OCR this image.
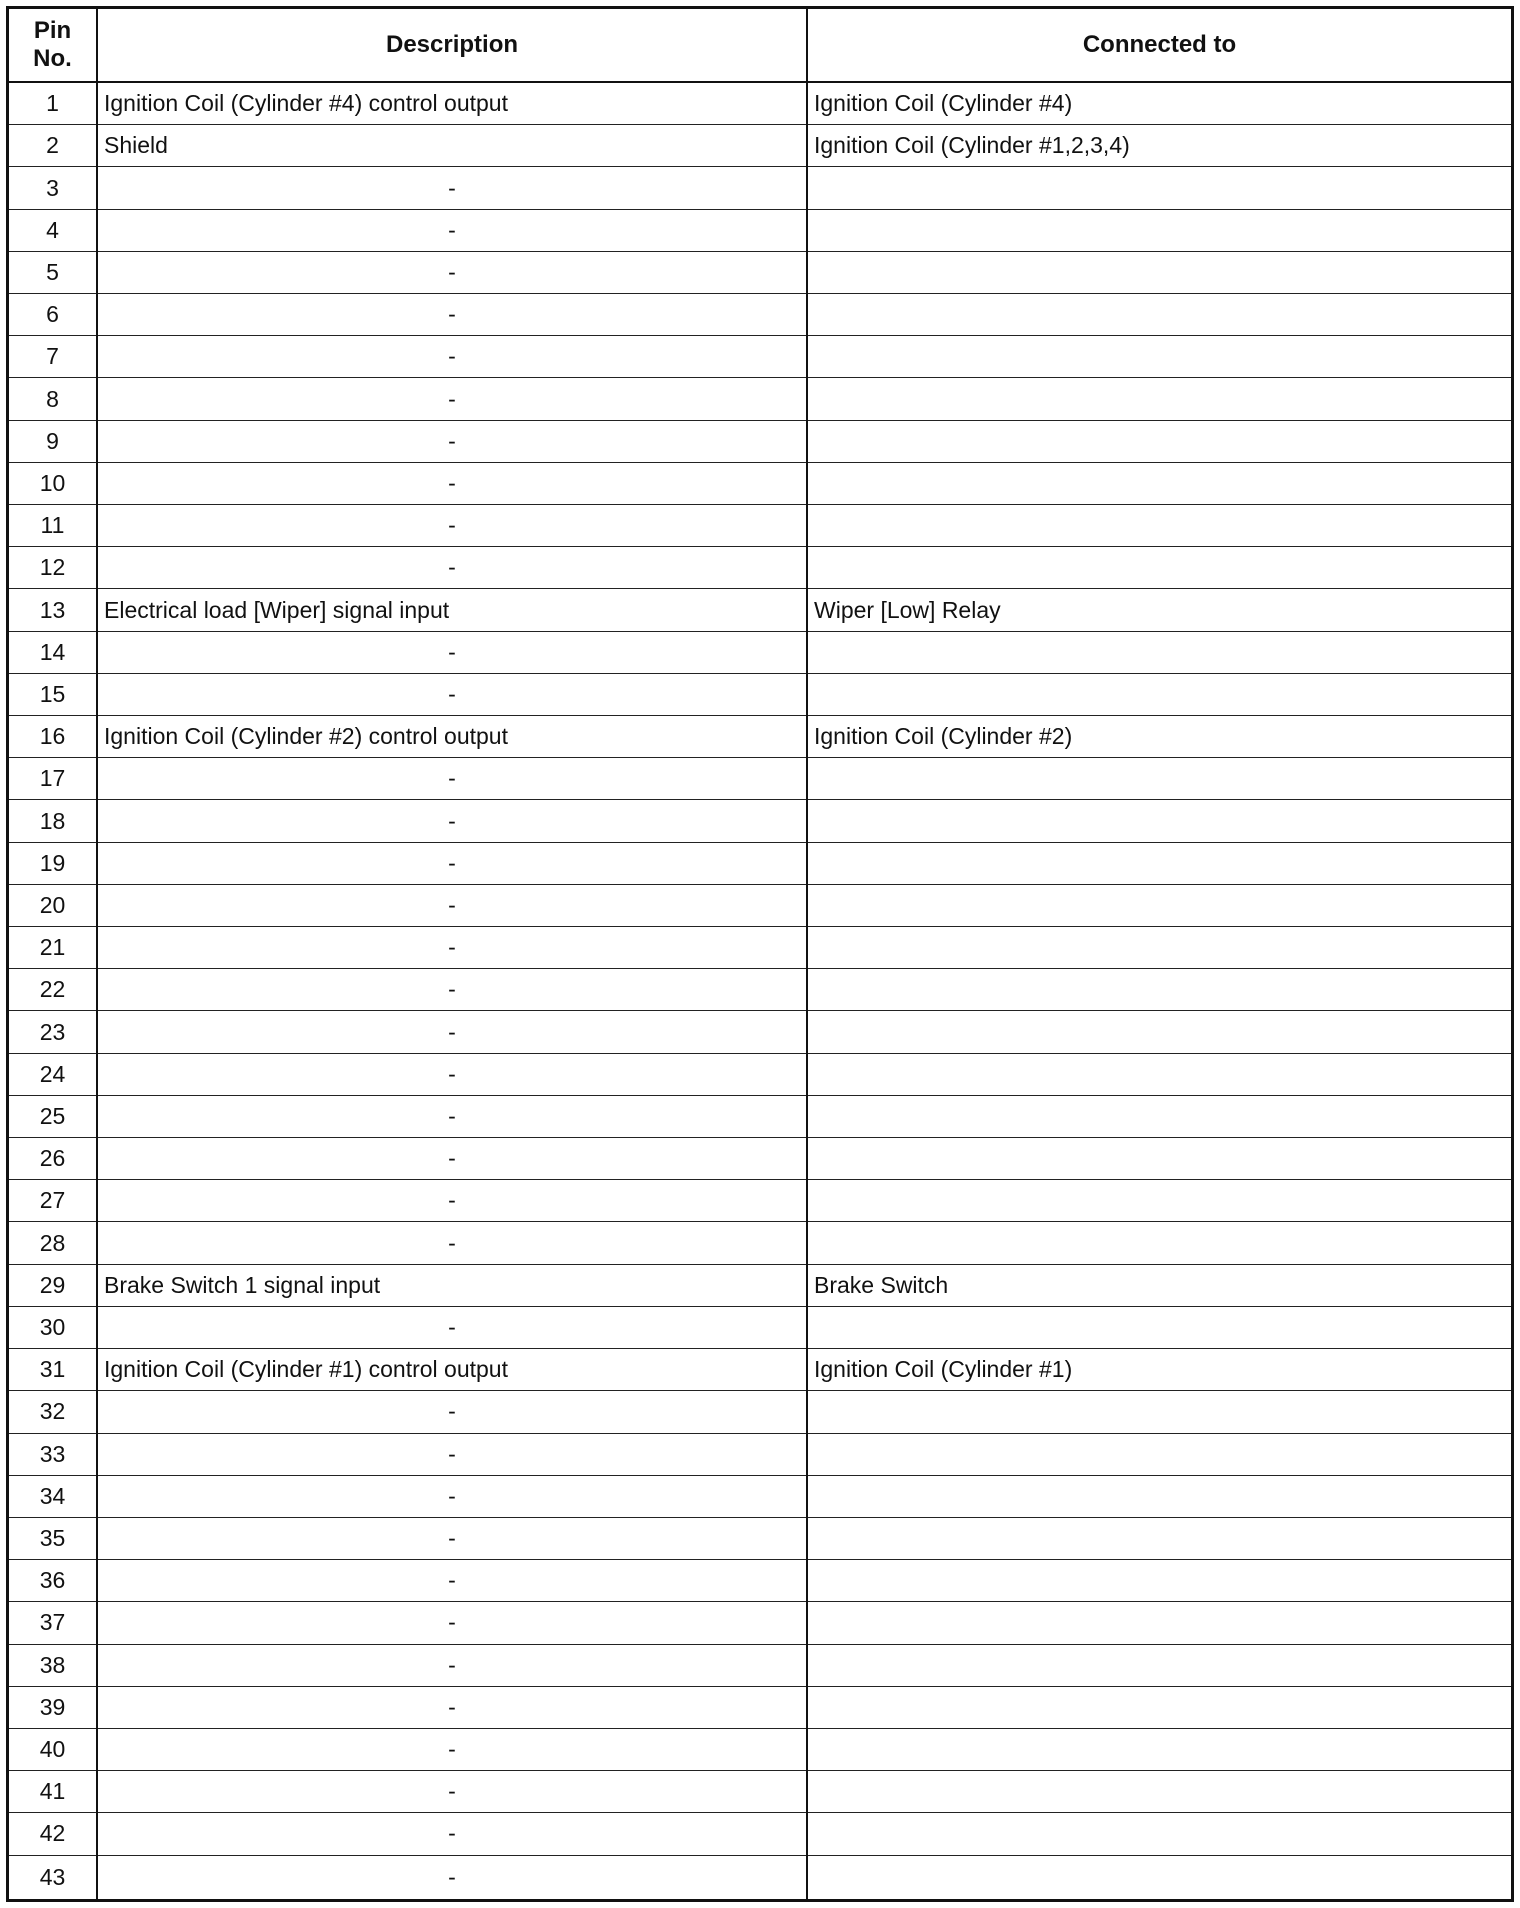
Pin
No.	Description	Connected to
1	Ignition Coil (Cylinder #4) control output	Ignition Coil (Cylinder #4)
2	Shield	Ignition Coil (Cylinder #1,2,3,4)
3	-	
4	-	
5	-	
6	-	
7	-	
8	-	
9	-	
10	-	
11	-	
12	-	
13	Electrical load [Wiper] signal input	Wiper [Low] Relay
14	-	
15	-	
16	Ignition Coil (Cylinder #2) control output	Ignition Coil (Cylinder #2)
17	-	
18	-	
19	-	
20	-	
21	-	
22	-	
23	-	
24	-	
25	-	
26	-	
27	-	
28	-	
29	Brake Switch 1 signal input	Brake Switch
30	-	
31	Ignition Coil (Cylinder #1) control output	Ignition Coil (Cylinder #1)
32	-	
33	-	
34	-	
35	-	
36	-	
37	-	
38	-	
39	-	
40	-	
41	-	
42	-	
43	-	
